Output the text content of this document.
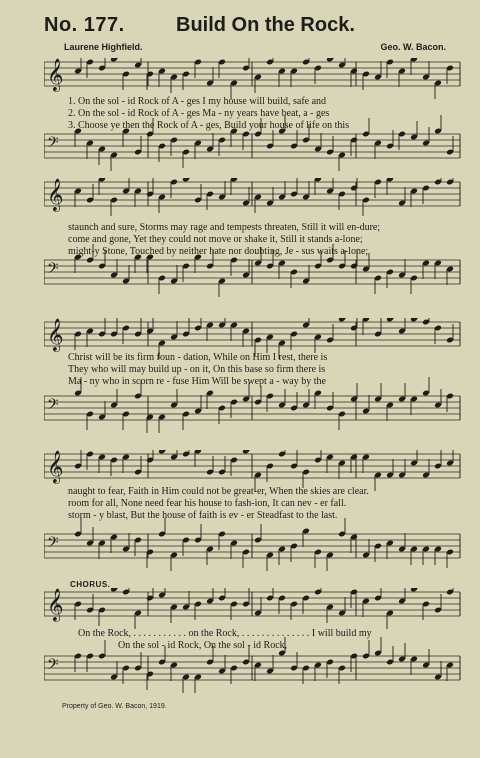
No. 177.	Build On the Rock.
Laurene Highfield.	Geo. W. Bacon.
𝄞
𝄢
1. On the sol - id Rock of A - ges I my house will build, safe and
2. On the sol - id Rock of A - ges Ma - ny years have beat, a - ges
3. Choose ye then the Rock of A - ges, Build your house of life on this
𝄞
𝄢
staunch and sure, Storms may rage and tempests threaten, Still it will en-dure;
come and gone, Yet they could not move or shake it, Still it stands a-lone;
might-y Stone, Touched by neither hate nor doubting, Je - sus waits a-lone;
𝄞
𝄢
Christ will be its firm foun - dation, While on Him I rest, there is
They who will may build up - on it, On this base so firm there is
Ma - ny who in scorn re - fuse Him Will be swept a - way by the
𝄞
𝄢
naught to fear, Faith in Him could not be great-er, When the skies are clear.
room for all, None need fear his house to fash-ion, It can nev - er fall.
storm - y blast, But the house of faith is ev - er Steadfast to the last.
CHORUS.
𝄞
𝄢
On the Rock, . . . . . . . . . . . on the Rock, . . . . . . . . . . . . . . I will build my
On the sol - id Rock, On the sol - id Rock,
Property of Geo. W. Bacon, 1919.
